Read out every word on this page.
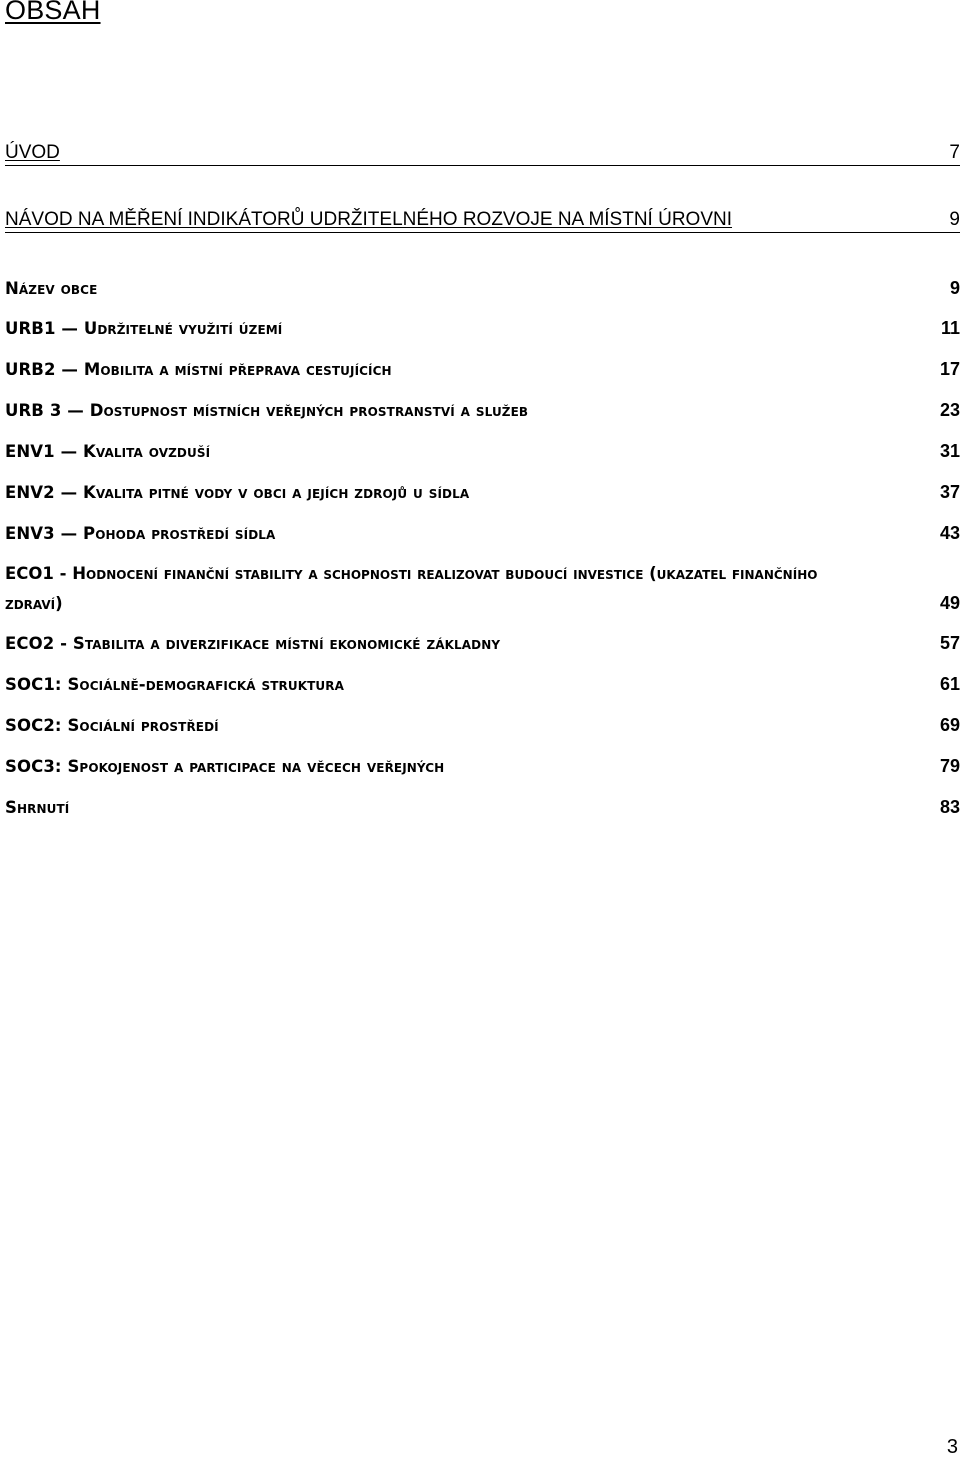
OBSAH
ÚVOD	7
NÁVOD NA MĚŘENÍ INDIKÁTORŮ UDRŽITELNÉHO ROZVOJE NA MÍSTNÍ ÚROVNI	9
Název obce	9
URB1 — Udržitelné využití území	11
URB2 — Mobilita a místní přeprava cestujících	17
URB 3 — Dostupnost místních veřejných prostranství a služeb	23
ENV1 — Kvalita ovzduší	31
ENV2 — Kvalita pitné vody v obci a jejích zdrojů u sídla	37
ENV3 — Pohoda prostředí sídla	43
ECO1 - Hodnocení finanční stability a schopnosti realizovat budoucí investice (ukazatel finančního
zdraví)	49
ECO2 - Stabilita a diverzifikace místní ekonomické základny	57
SOC1: Sociálně-demografická struktura	61
SOC2: Sociální prostředí	69
SOC3: Spokojenost a participace na věcech veřejných	79
Shrnutí	83
3
